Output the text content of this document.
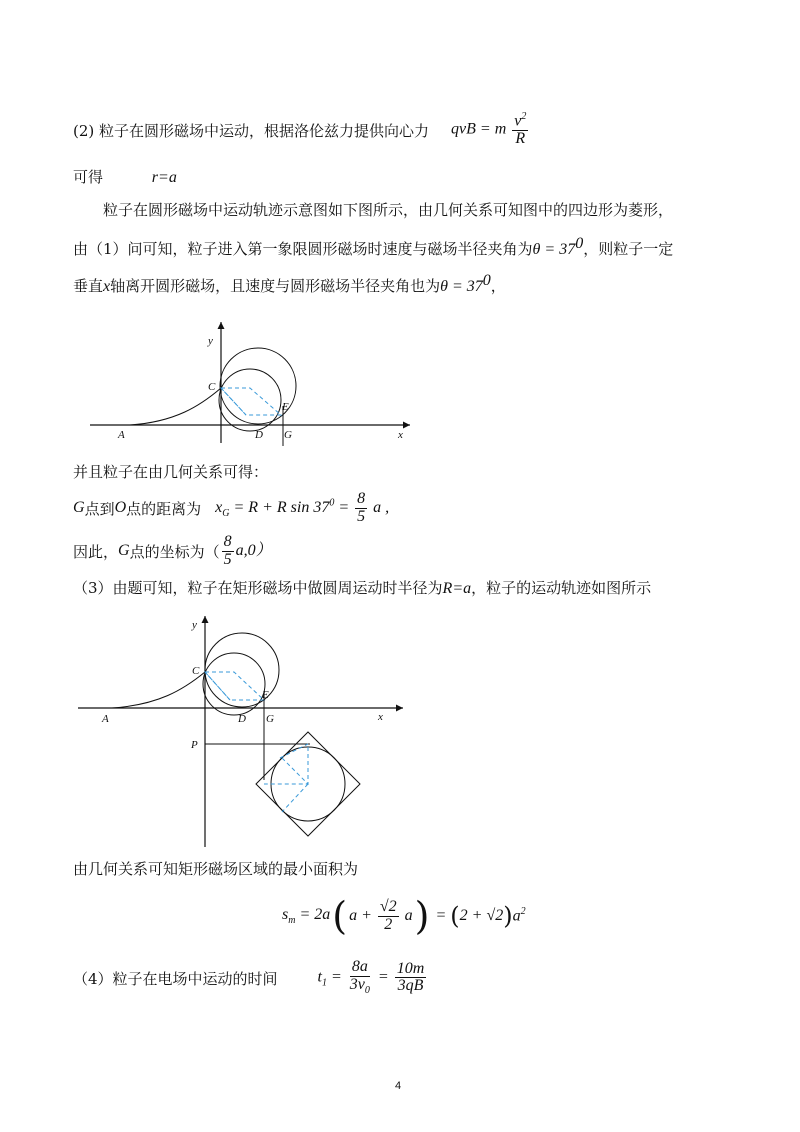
(2) 粒子在圆形磁场中运动，根据洛伦兹力提供向心力 qvB = m $\frac{v^2}{R}$
可得	r=a
粒子在圆形磁场中运动轨迹示意图如下图所示，由几何关系可知图中的四边形为菱形，
由（1）问可知，粒子进入第一象限圆形磁场时速度与磁场半径夹角为$\theta = 37^0$，则粒子一定
垂直x轴离开圆形磁场，且速度与圆形磁场半径夹角也为$\theta = 37^0$，
y
x
C
A	D G
E
并且粒子在由几何关系可得：
G 点到 O 点的距离为 $x_G = R + R$ $\sin 37^0 = \frac{8}{5}$ a ,
因此， G 点的坐标为（ $\frac{8}{5} a,0$）
（3）由题可知，粒子在矩形磁场中做圆周运动时半径为R=a，粒子的运动轨迹如图所示
y
x
C
A	D G
E
P
由几何关系可知矩形磁场区域的最小面积为
$s_m = 2a$ ( $a + \frac{√2}{2}$ a ) = ( 2 + √2 ) $a^2$
（4）粒子在电场中运动的时间	$t_1 = \frac{8a}{3v_0} = \frac{10m}{3qB}$
4
